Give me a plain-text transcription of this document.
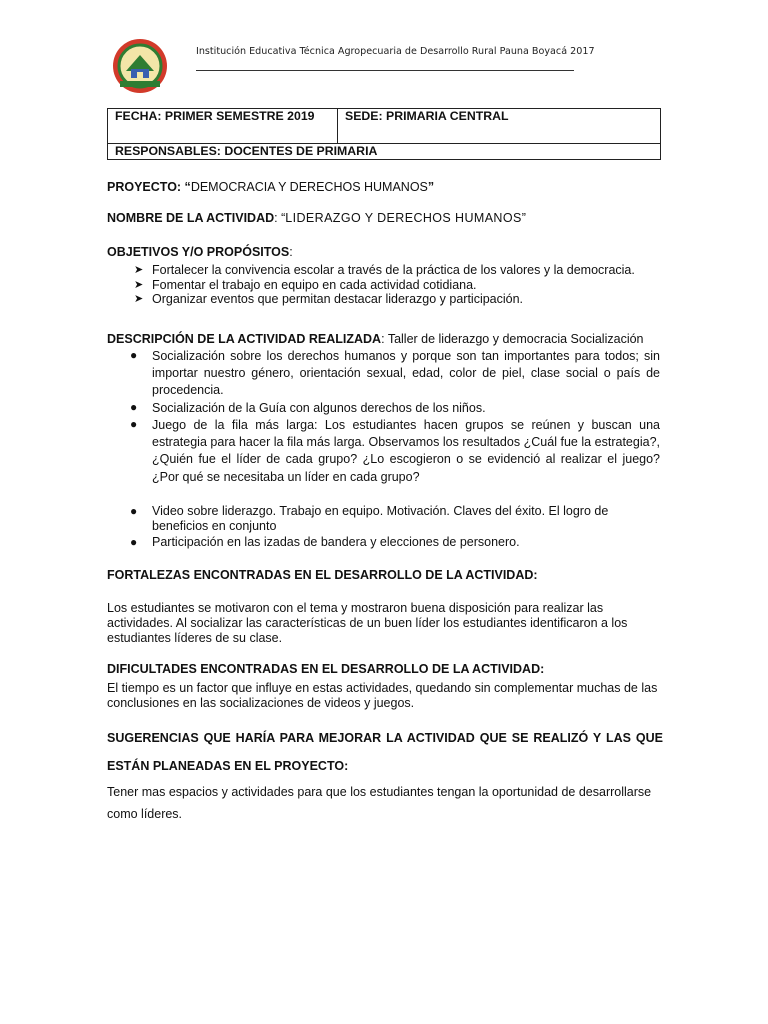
Institución Educativa Técnica Agropecuaria de Desarrollo Rural Pauna Boyacá 2017
FECHA: PRIMER SEMESTRE 2019	SEDE: PRIMARIA CENTRAL
RESPONSABLES: DOCENTES DE PRIMARIA
PROYECTO: “DEMOCRACIA Y DERECHOS HUMANOS”
NOMBRE DE LA ACTIVIDAD: “LIDERAZGO Y DERECHOS HUMANOS”
OBJETIVOS Y/O PROPÓSITOS:
➤ Fortalecer la convivencia escolar a través de la práctica de los valores y la democracia.
➤ Fomentar el trabajo en equipo en cada actividad cotidiana.
➤ Organizar eventos que permitan destacar liderazgo y participación.
DESCRIPCIÓN DE LA ACTIVIDAD REALIZADA: Taller de liderazgo y democracia Socialización
● Socialización sobre los derechos humanos y porque son tan importantes para todos; sin importar nuestro género, orientación sexual, edad, color de piel, clase social o país de procedencia.
● Socialización de la Guía con algunos derechos de los niños.
● Juego de la fila más larga: Los estudiantes hacen grupos se reúnen y buscan una estrategia para hacer la fila más larga. Observamos los resultados ¿Cuál fue la estrategia?, ¿Quién fue el líder de cada grupo? ¿Lo escogieron o se evidenció al realizar el juego? ¿Por qué se necesitaba un líder en cada grupo?
● Video sobre liderazgo. Trabajo en equipo. Motivación. Claves del éxito. El logro de beneficios en conjunto
● Participación en las izadas de bandera y elecciones de personero.
FORTALEZAS ENCONTRADAS EN EL DESARROLLO DE LA ACTIVIDAD:
Los estudiantes se motivaron con el tema y mostraron buena disposición para realizar las
actividades. Al socializar las características de un buen líder los estudiantes identificaron a los
estudiantes líderes de su clase.
DIFICULTADES ENCONTRADAS EN EL DESARROLLO DE LA ACTIVIDAD:
El tiempo es un factor que influye en estas actividades, quedando sin complementar muchas de las
conclusiones en las socializaciones de videos y juegos.
SUGERENCIAS QUE HARÍA PARA MEJORAR LA ACTIVIDAD QUE SE REALIZÓ Y LAS QUE
ESTÁN PLANEADAS EN EL PROYECTO:
Tener mas espacios y actividades para que los estudiantes tengan la oportunidad de desarrollarse
como líderes.
